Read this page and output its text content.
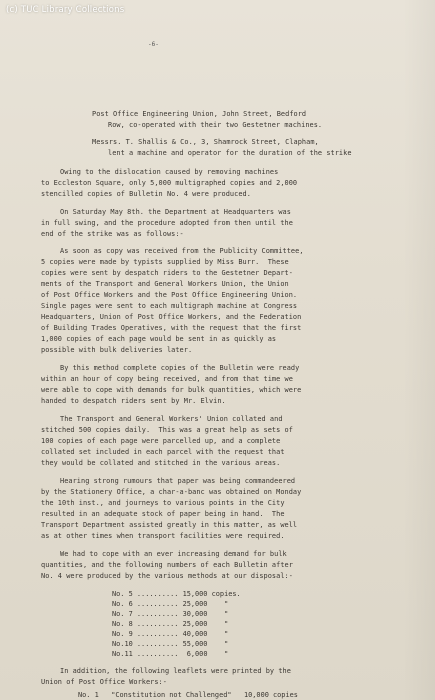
(c) TUC Library Collections
-6-
Post Office Engineering Union, John Street, Bedford
Row, co-operated with their two Gestetner machines.
Messrs. T. Shallis & Co., 3, Shamrock Street, Clapham,
lent a machine and operator for the duration of the strike
Owing to the dislocation caused by removing machines
to Eccleston Square, only 5,000 multigraphed copies and 2,000
stencilled copies of Bulletin No. 4 were produced.
On Saturday May 8th. the Department at Headquarters was
in full swing, and the procedure adopted from then until the
end of the strike was as follows:-
As soon as copy was received from the Publicity Committee,
5 copies were made by typists supplied by Miss Burr.  These
copies were sent by despatch riders to the Gestetner Depart-
ments of the Transport and General Workers Union, the Union
of Post Office Workers and the Post Office Engineering Union.
Single pages were sent to each multigraph machine at Congress
Headquarters, Union of Post Office Workers, and the Federation
of Building Trades Operatives, with the request that the first
1,000 copies of each page would be sent in as quickly as
possible with bulk deliveries later.
By this method complete copies of the Bulletin were ready
within an hour of copy being received, and from that time we
were able to cope with demands for bulk quantities, which were
handed to despatch riders sent by Mr. Elvin.
The Transport and General Workers' Union collated and
stitched 500 copies daily.  This was a great help as sets of
100 copies of each page were parcelled up, and a complete
collated set included in each parcel with the request that
they would be collated and stitched in the various areas.
Hearing strong rumours that paper was being commandeered
by the Stationery Office, a char-a-banc was obtained on Monday
the 10th inst., and journeys to various points in the City
resulted in an adequate stock of paper being in hand.  The
Transport Department assisted greatly in this matter, as well
as at other times when transport facilities were required.
We had to cope with an ever increasing demand for bulk
quantities, and the following numbers of each Bulletin after
No. 4 were produced by the various methods at our disposal:-
No. 5 .......... 15,000 copies.
No. 6 .......... 25,000 "
No. 7 .......... 30,000 "
No. 8 .......... 25,000 "
No. 9 .......... 40,000 "
No.10 .......... 55,000 "
No.11 .......... 6,000 "
In addition, the following leaflets were printed by the
Union of Post Office Workers:-
No. 1 "Constitution not Challenged" 10,000 copies
